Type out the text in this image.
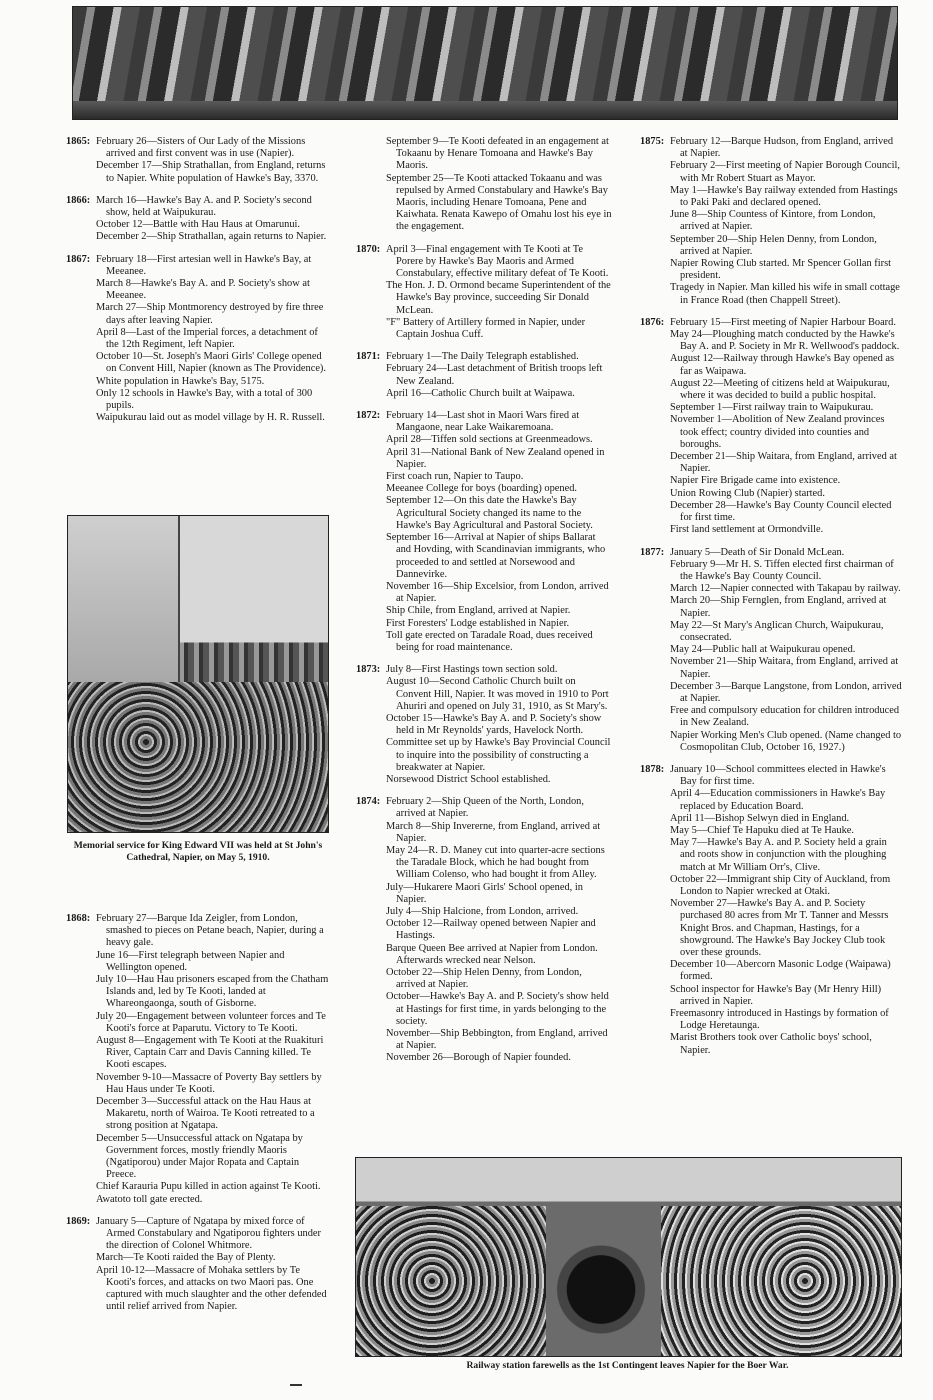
1865: February 26—Sisters of Our Lady of the Missions arrived and first convent was in use (Napier).

December 17—Ship Strathallan, from England, returns to Napier. White population of Hawke's Bay, 3370.

1866: March 16—Hawke's Bay A. and P. Society's second show, held at Waipukurau.

October 12—Battle with Hau Haus at Omarunui.

December 2—Ship Strathallan, again returns to Napier.

1867: February 18—First artesian well in Hawke's Bay, at Meeanee.

March 8—Hawke's Bay A. and P. Society's show at Meeanee.

March 27—Ship Montmorency destroyed by fire three days after leaving Napier.

April 8—Last of the Imperial forces, a detachment of the 12th Regiment, left Napier.

October 10—St. Joseph's Maori Girls' College opened on Convent Hill, Napier (known as The Providence).

White population in Hawke's Bay, 5175.

Only 12 schools in Hawke's Bay, with a total of 300 pupils.

Waipukurau laid out as model village by H. R. Russell.

Memorial service for King Edward VII was held at St John's Cathedral, Napier, on May 5, 1910.
1868: February 27—Barque Ida Zeigler, from London, smashed to pieces on Petane beach, Napier, during a heavy gale.

June 16—First telegraph between Napier and Wellington opened.

July 10—Hau Hau prisoners escaped from the Chatham Islands and, led by Te Kooti, landed at Whareongaonga, south of Gisborne.

July 20—Engagement between volunteer forces and Te Kooti's force at Paparutu. Victory to Te Kooti.

August 8—Engagement with Te Kooti at the Ruakituri River, Captain Carr and Davis Canning killed. Te Kooti escapes.

November 9-10—Massacre of Poverty Bay settlers by Hau Haus under Te Kooti.

December 3—Successful attack on the Hau Haus at Makaretu, north of Wairoa. Te Kooti retreated to a strong position at Ngatapa.

December 5—Unsuccessful attack on Ngatapa by Government forces, mostly friendly Maoris (Ngatiporou) under Major Ropata and Captain Preece.

Chief Karauria Pupu killed in action against Te Kooti.

Awatoto toll gate erected.

1869: January 5—Capture of Ngatapa by mixed force of Armed Constabulary and Ngatiporou fighters under the direction of Colonel Whitmore.

March—Te Kooti raided the Bay of Plenty.

April 10-12—Massacre of Mohaka settlers by Te Kooti's forces, and attacks on two Maori pas. One captured with much slaughter and the other defended until relief arrived from Napier.

September 9—Te Kooti defeated in an engagement at Tokaanu by Henare Tomoana and Hawke's Bay Maoris.

September 25—Te Kooti attacked Tokaanu and was repulsed by Armed Constabulary and Hawke's Bay Maoris, including Henare Tomoana, Pene and Kaiwhata. Renata Kawepo of Omahu lost his eye in the engagement.

1870: April 3—Final engagement with Te Kooti at Te Porere by Hawke's Bay Maoris and Armed Constabulary, effective military defeat of Te Kooti.

The Hon. J. D. Ormond became Superintendent of the Hawke's Bay province, succeeding Sir Donald McLean.

"F" Battery of Artillery formed in Napier, under Captain Joshua Cuff.

1871: February 1—The Daily Telegraph established.

February 24—Last detachment of British troops left New Zealand.

April 16—Catholic Church built at Waipawa.

1872: February 14—Last shot in Maori Wars fired at Mangaone, near Lake Waikaremoana.

April 28—Tiffen sold sections at Greenmeadows.

April 31—National Bank of New Zealand opened in Napier.

First coach run, Napier to Taupo.

Meeanee College for boys (boarding) opened.

September 12—On this date the Hawke's Bay Agricultural Society changed its name to the Hawke's Bay Agricultural and Pastoral Society.

September 16—Arrival at Napier of ships Ballarat and Hovding, with Scandinavian immigrants, who proceeded to and settled at Norsewood and Dannevirke.

November 16—Ship Excelsior, from London, arrived at Napier.

Ship Chile, from England, arrived at Napier.

First Foresters' Lodge established in Napier.

Toll gate erected on Taradale Road, dues received being for road maintenance.

1873: July 8—First Hastings town section sold.

August 10—Second Catholic Church built on Convent Hill, Napier. It was moved in 1910 to Port Ahuriri and opened on July 31, 1910, as St Mary's.

October 15—Hawke's Bay A. and P. Society's show held in Mr Reynolds' yards, Havelock North.

Committee set up by Hawke's Bay Provincial Council to inquire into the possibility of constructing a breakwater at Napier.

Norsewood District School established.

1874: February 2—Ship Queen of the North, London, arrived at Napier.

March 8—Ship Invererne, from England, arrived at Napier.

May 24—R. D. Maney cut into quarter-acre sections the Taradale Block, which he had bought from William Colenso, who had bought it from Alley.

July—Hukarere Maori Girls' School opened, in Napier.

July 4—Ship Halcione, from London, arrived.

October 12—Railway opened between Napier and Hastings.

Barque Queen Bee arrived at Napier from London. Afterwards wrecked near Nelson.

October 22—Ship Helen Denny, from London, arrived at Napier.

October—Hawke's Bay A. and P. Society's show held at Hastings for first time, in yards belonging to the society.

November—Ship Bebbington, from England, arrived at Napier.

November 26—Borough of Napier founded.

1875: February 12—Barque Hudson, from England, arrived at Napier.

February 2—First meeting of Napier Borough Council, with Mr Robert Stuart as Mayor.

May 1—Hawke's Bay railway extended from Hastings to Paki Paki and declared opened.

June 8—Ship Countess of Kintore, from London, arrived at Napier.

September 20—Ship Helen Denny, from London, arrived at Napier.

Napier Rowing Club started. Mr Spencer Gollan first president.

Tragedy in Napier. Man killed his wife in small cottage in France Road (then Chappell Street).

1876: February 15—First meeting of Napier Harbour Board.

May 24—Ploughing match conducted by the Hawke's Bay A. and P. Society in Mr R. Wellwood's paddock.

August 12—Railway through Hawke's Bay opened as far as Waipawa.

August 22—Meeting of citizens held at Waipukurau, where it was decided to build a public hospital.

September 1—First railway train to Waipukurau.

November 1—Abolition of New Zealand provinces took effect; country divided into counties and boroughs.

December 21—Ship Waitara, from England, arrived at Napier.

Napier Fire Brigade came into existence.

Union Rowing Club (Napier) started.

December 28—Hawke's Bay County Council elected for first time.

First land settlement at Ormondville.

1877: January 5—Death of Sir Donald McLean.

February 9—Mr H. S. Tiffen elected first chairman of the Hawke's Bay County Council.

March 12—Napier connected with Takapau by railway.

March 20—Ship Fernglen, from England, arrived at Napier.

May 22—St Mary's Anglican Church, Waipukurau, consecrated.

May 24—Public hall at Waipukurau opened.

November 21—Ship Waitara, from England, arrived at Napier.

December 3—Barque Langstone, from London, arrived at Napier.

Free and compulsory education for children introduced in New Zealand.

Napier Working Men's Club opened. (Name changed to Cosmopolitan Club, October 16, 1927.)

1878: January 10—School committees elected in Hawke's Bay for first time.

April 4—Education commissioners in Hawke's Bay replaced by Education Board.

April 11—Bishop Selwyn died in England.

May 5—Chief Te Hapuku died at Te Hauke.

May 7—Hawke's Bay A. and P. Society held a grain and roots show in conjunction with the ploughing match at Mr William Orr's, Clive.

October 22—Immigrant ship City of Auckland, from London to Napier wrecked at Otaki.

November 27—Hawke's Bay A. and P. Society purchased 80 acres from Mr T. Tanner and Messrs Knight Bros. and Chapman, Hastings, for a showground. The Hawke's Bay Jockey Club took over these grounds.

December 10—Abercorn Masonic Lodge (Waipawa) formed.

School inspector for Hawke's Bay (Mr Henry Hill) arrived in Napier.

Freemasonry introduced in Hastings by formation of Lodge Heretaunga.

Marist Brothers took over Catholic boys' school, Napier.

Railway station farewells as the 1st Contingent leaves Napier for the Boer War.
